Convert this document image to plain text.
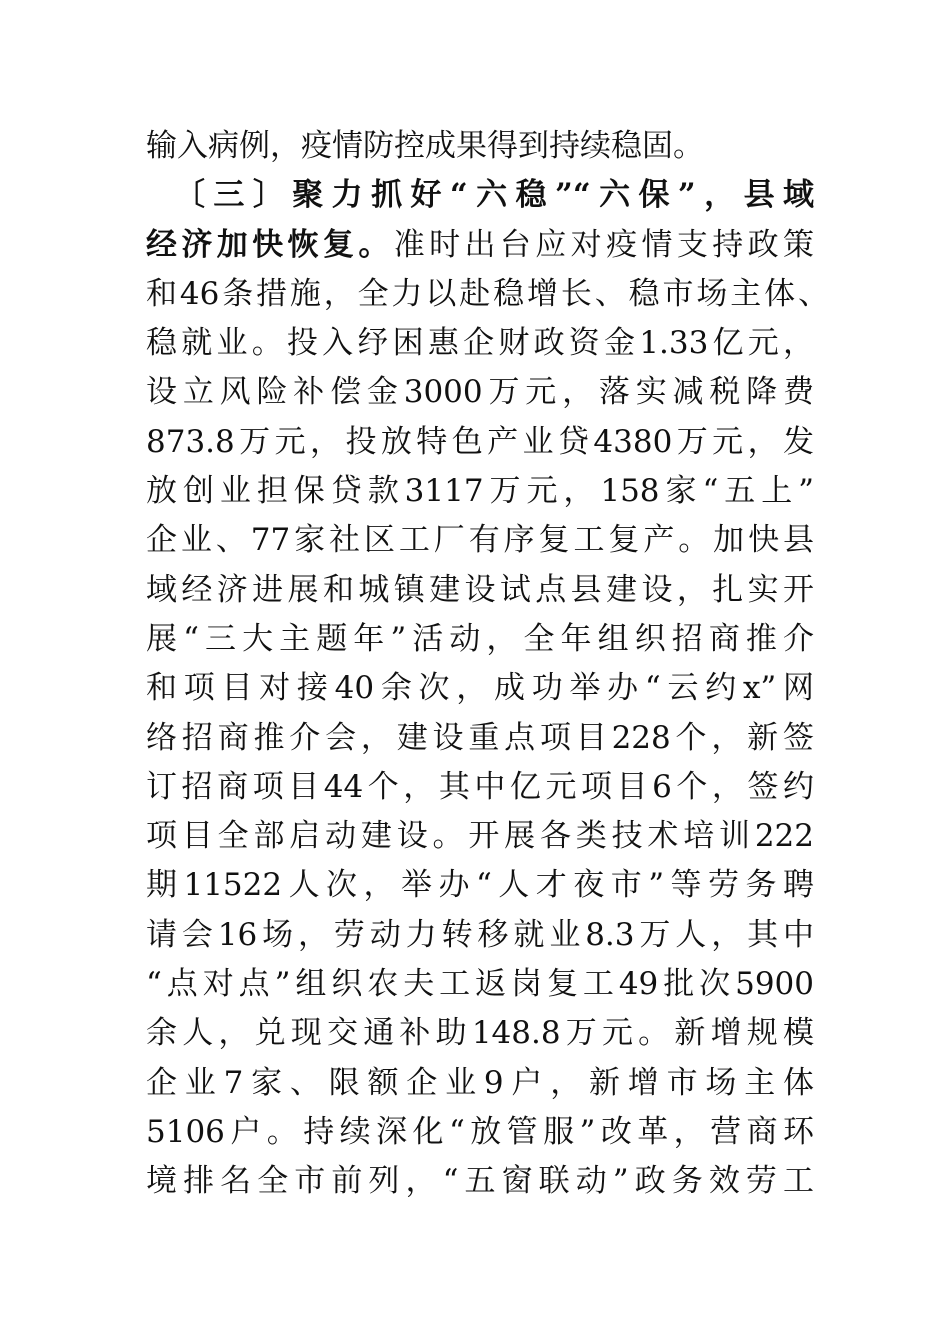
输入病例，疫情防控成果得到持续稳固。
〔三〕聚力抓好“六稳”“六保”，县域
经济加快恢复。准时出台应对疫情支持政策
和46条措施，全力以赴稳增长、稳市场主体、
稳就业。投入纾困惠企财政资金1.33亿元，
设立风险补偿金3000万元，落实减税降费
873.8万元，投放特色产业贷4380万元，发
放创业担保贷款3117万元，158家“五上”
企业、77家社区工厂有序复工复产。加快县
域经济进展和城镇建设试点县建设，扎实开
展“三大主题年”活动，全年组织招商推介
和项目对接40余次，成功举办“云约x”网
络招商推介会，建设重点项目228个，新签
订招商项目44个，其中亿元项目6个，签约
项目全部启动建设。开展各类技术培训222
期11522人次，举办“人才夜市”等劳务聘
请会16场，劳动力转移就业8.3万人，其中
“点对点”组织农夫工返岗复工49批次5900
余人，兑现交通补助148.8万元。新增规模
企业7家、限额企业9户，新增市场主体
5106户。持续深化“放管服”改革，营商环
境排名全市前列，“五窗联动”政务效劳工
